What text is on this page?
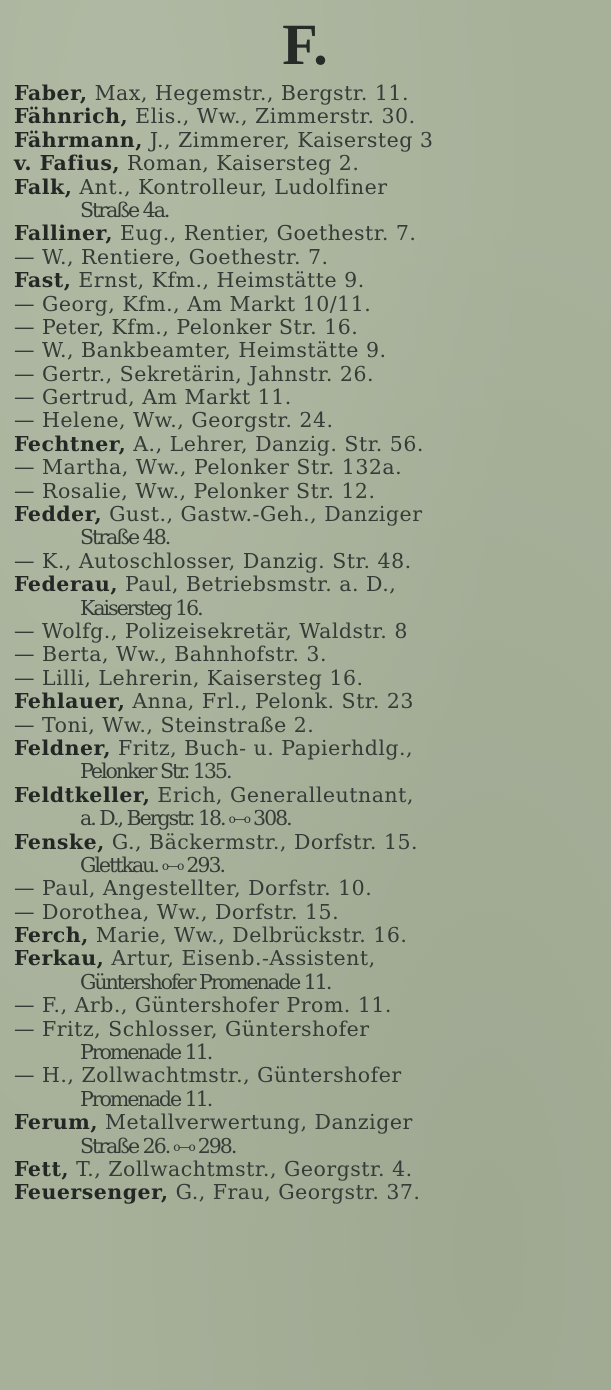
F.
Faber, Max, Hegemstr., Bergstr. 11.
Fähnrich, Elis., Ww., Zimmerstr. 30.
Fährmann, J., Zimmerer, Kaisersteg 3
v. Fafius, Roman, Kaisersteg 2.
Falk, Ant., Kontrolleur, Ludolfiner
Straße 4a.
Falliner, Eug., Rentier, Goethestr. 7.
— W., Rentiere, Goethestr. 7.
Fast, Ernst, Kfm., Heimstätte 9.
— Georg, Kfm., Am Markt 10/11.
— Peter, Kfm., Pelonker Str. 16.
— W., Bankbeamter, Heimstätte 9.
— Gertr., Sekretärin, Jahnstr. 26.
— Gertrud, Am Markt 11.
— Helene, Ww., Georgstr. 24.
Fechtner, A., Lehrer, Danzig. Str. 56.
— Martha, Ww., Pelonker Str. 132a.
— Rosalie, Ww., Pelonker Str. 12.
Fedder, Gust., Gastw.-Geh., Danziger
Straße 48.
— K., Autoschlosser, Danzig. Str. 48.
Federau, Paul, Betriebsmstr. a. D.,
Kaisersteg 16.
— Wolfg., Polizeisekretär, Waldstr. 8
— Berta, Ww., Bahnhofstr. 3.
— Lilli, Lehrerin, Kaisersteg 16.
Fehlauer, Anna, Frl., Pelonk. Str. 23
— Toni, Ww., Steinstraße 2.
Feldner, Fritz, Buch- u. Papierhdlg.,
Pelonker Str. 135.
Feldtkeller, Erich, Generalleutnant,
a. D., Bergstr. 18. o—o 308.
Fenske, G., Bäckermstr., Dorfstr. 15.
Glettkau. o—o 293.
— Paul, Angestellter, Dorfstr. 10.
— Dorothea, Ww., Dorfstr. 15.
Ferch, Marie, Ww., Delbrückstr. 16.
Ferkau, Artur, Eisenb.-Assistent,
Güntershofer Promenade 11.
— F., Arb., Güntershofer Prom. 11.
— Fritz, Schlosser, Güntershofer
Promenade 11.
— H., Zollwachtmstr., Güntershofer
Promenade 11.
Ferum, Metallverwertung, Danziger
Straße 26. o—o 298.
Fett, T., Zollwachtmstr., Georgstr. 4.
Feuersenger, G., Frau, Georgstr. 37.
